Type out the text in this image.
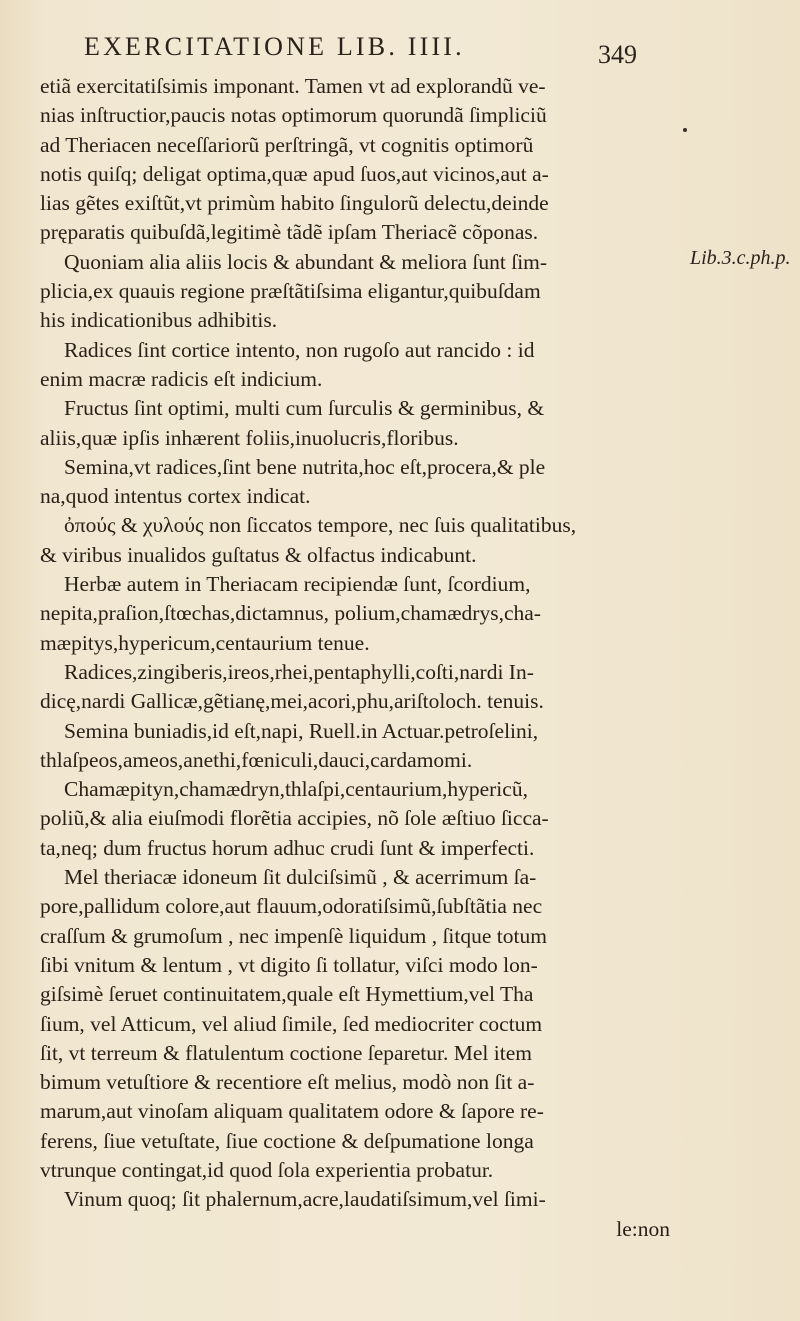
EXERCITATIONE LIB. IIII.	349
Lib.3.c.ph.p.
etiã exercitatiſsimis imponant. Tamen vt ad explorandũ ve-
nias inſtructior,paucis notas optimorum quorundã ſimpliciũ
ad Theriacen neceſſariorũ perſtringã, vt cognitis optimorũ
notis quiſq; deligat optima,quæ apud ſuos,aut vicinos,aut a-
lias gẽtes exiſtũt,vt primùm habito ſingulorũ delectu,deinde
pręparatis quibuſdã,legitimè tãdẽ ipſam Theriacẽ cõponas.
Quoniam alia aliis locis & abundant & meliora ſunt ſim-
plicia,ex quauis regione præſtãtiſsima eligantur,quibuſdam
his indicationibus adhibitis.
Radices ſint cortice intento, non rugoſo aut rancido : id
enim macræ radicis eſt indicium.
Fructus ſint optimi, multi cum ſurculis & germinibus, &
aliis,quæ ipſis inhærent foliis,inuolucris,floribus.
Semina,vt radices,ſint bene nutrita,hoc eſt,procera,& ple
na,quod intentus cortex indicat.
ὀπούς & χυλούς non ſiccatos tempore, nec ſuis qualitatibus,
& viribus inualidos guſtatus & olfactus indicabunt.
Herbæ autem in Theriacam recipiendæ ſunt, ſcordium,
nepita,praſion,ſtœchas,dictamnus, polium,chamædrys,cha-
mæpitys,hypericum,centaurium tenue.
Radices,zingiberis,ireos,rhei,pentaphylli,coſti,nardi In-
dicę,nardi Gallicæ,gẽtianę,mei,acori,phu,ariſtoloch. tenuis.
Semina buniadis,id eſt,napi, Ruell.in Actuar.petroſelini,
thlaſpeos,ameos,anethi,fœniculi,dauci,cardamomi.
Chamæpityn,chamædryn,thlaſpi,centaurium,hypericũ,
poliũ,& alia eiuſmodi florẽtia accipies, nõ ſole æſtiuo ſicca-
ta,neq; dum fructus horum adhuc crudi ſunt & imperfecti.
Mel theriacæ idoneum ſit dulciſsimũ , & acerrimum ſa-
pore,pallidum colore,aut flauum,odoratiſsimũ,ſubſtãtia nec
craſſum & grumoſum , nec impenſè liquidum , ſitque totum
ſibi vnitum & lentum , vt digito ſi tollatur, viſci modo lon-
giſsimè ſeruet continuitatem,quale eſt Hymettium,vel Tha
ſium, vel Atticum, vel aliud ſimile, ſed mediocriter coctum
ſit, vt terreum & flatulentum coctione ſeparetur. Mel item
bimum vetuſtiore & recentiore eſt melius, modò non ſit a-
marum,aut vinoſam aliquam qualitatem odore & ſapore re-
ferens, ſiue vetuſtate, ſiue coctione & deſpumatione longa
vtrunque contingat,id quod ſola experientia probatur.
Vinum quoq; ſit phalernum,acre,laudatiſsimum,vel ſimi-
le:non
